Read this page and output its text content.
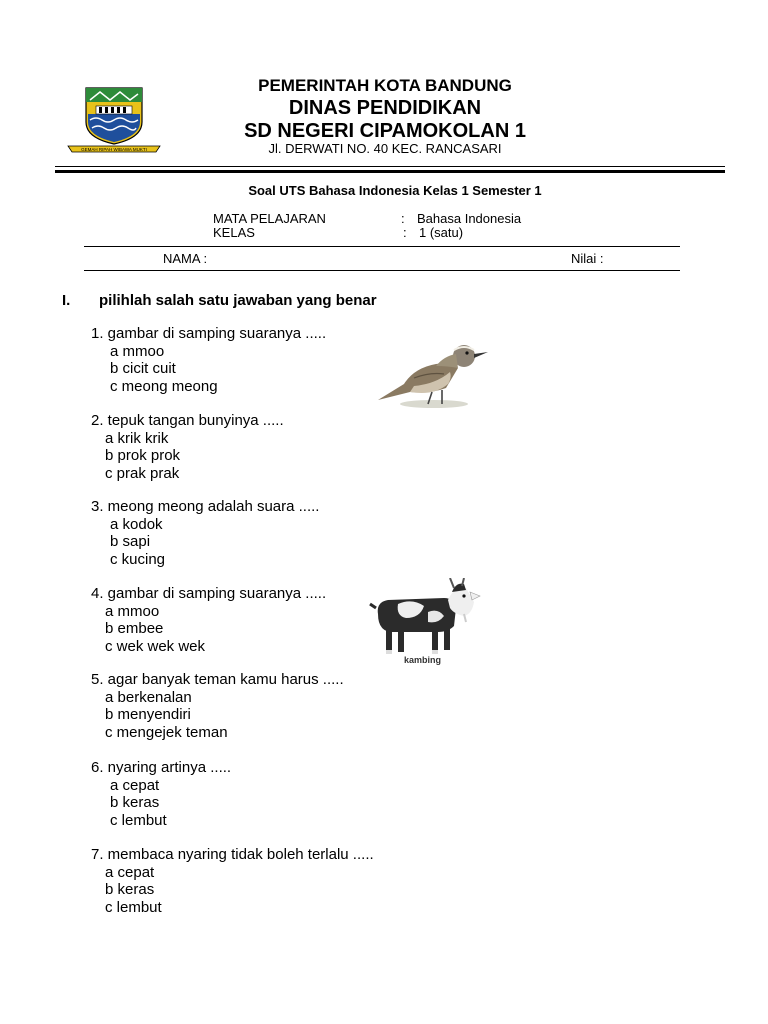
GEMAH RIPAH WIBAWA MUKTI
PEMERINTAH KOTA BANDUNG
DINAS PENDIDIKAN
SD NEGERI CIPAMOKOLAN 1
Jl. DERWATI NO. 40 KEC. RANCASARI
Soal UTS Bahasa Indonesia Kelas 1 Semester 1
MATA PELAJARAN	: Bahasa Indonesia
KELAS	: 1 (satu)
NAMA :	Nilai :
I. pilihlah salah satu jawaban yang benar
1. gambar di samping suaranya .....
a mmoo
b cicit cuit
c meong meong
2. tepuk tangan bunyinya .....
a krik krik
b prok prok
c prak prak
3. meong meong adalah suara .....
a kodok
b sapi
c kucing
4. gambar di samping suaranya .....
a mmoo
b embee
c wek wek wek
5. agar banyak teman kamu harus .....
a berkenalan
b menyendiri
c mengejek teman
6. nyaring artinya .....
a cepat
b keras
c lembut
7. membaca nyaring tidak boleh terlalu .....
a cepat
b keras
c lembut
kambing
